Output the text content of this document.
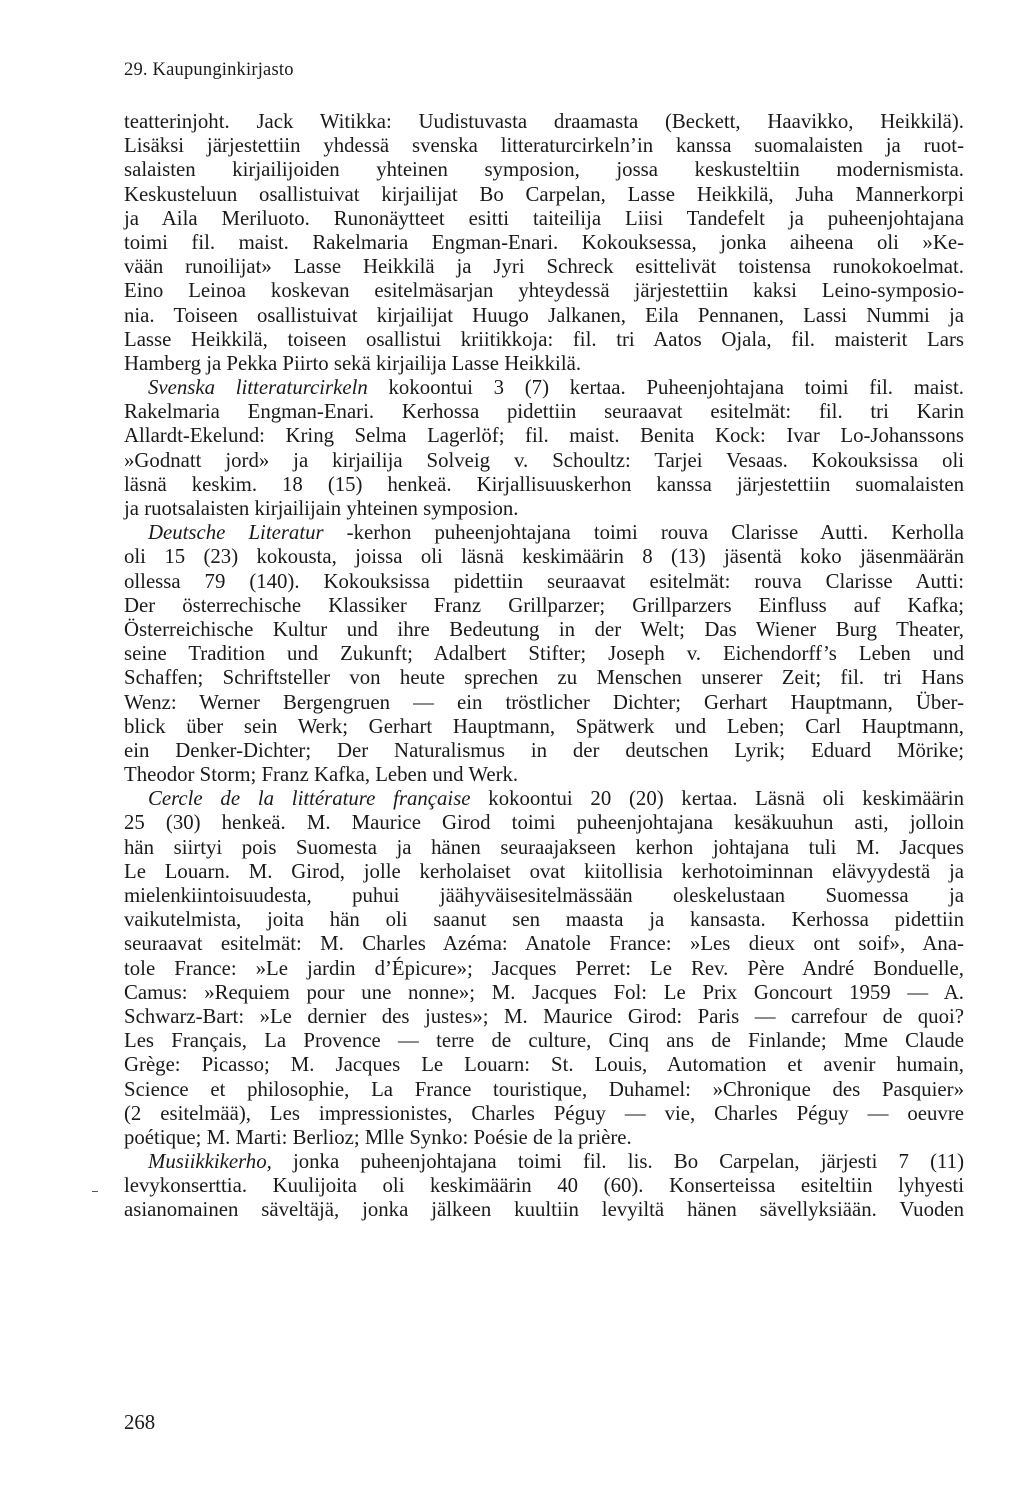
29. Kaupunginkirjasto
teatterinjoht. Jack Witikka: Uudistuvasta draamasta (Beckett, Haavikko, Heikkilä).
Lisäksi järjestettiin yhdessä svenska litteraturcirkeln’in kanssa suomalaisten ja ruot-
salaisten kirjailijoiden yhteinen symposion, jossa keskusteltiin modernismista.
Keskusteluun osallistuivat kirjailijat Bo Carpelan, Lasse Heikkilä, Juha Mannerkorpi
ja Aila Meriluoto. Runonäytteet esitti taiteilija Liisi Tandefelt ja puheenjohtajana
toimi fil. maist. Rakelmaria Engman-Enari. Kokouksessa, jonka aiheena oli »Ke-
vään runoilijat» Lasse Heikkilä ja Jyri Schreck esittelivät toistensa runokokoelmat.
Eino Leinoa koskevan esitelmäsarjan yhteydessä järjestettiin kaksi Leino-symposio-
nia. Toiseen osallistuivat kirjailijat Huugo Jalkanen, Eila Pennanen, Lassi Nummi ja
Lasse Heikkilä, toiseen osallistui kriitikkoja: fil. tri Aatos Ojala, fil. maisterit Lars
Hamberg ja Pekka Piirto sekä kirjailija Lasse Heikkilä.
Svenska litteraturcirkeln kokoontui 3 (7) kertaa. Puheenjohtajana toimi fil. maist.
Rakelmaria Engman-Enari. Kerhossa pidettiin seuraavat esitelmät: fil. tri Karin
Allardt-Ekelund: Kring Selma Lagerlöf; fil. maist. Benita Kock: Ivar Lo-Johanssons
»Godnatt jord» ja kirjailija Solveig v. Schoultz: Tarjei Vesaas. Kokouksissa oli
läsnä keskim. 18 (15) henkeä. Kirjallisuuskerhon kanssa järjestettiin suomalaisten
ja ruotsalaisten kirjailijain yhteinen symposion.
Deutsche Literatur -kerhon puheenjohtajana toimi rouva Clarisse Autti. Kerholla
oli 15 (23) kokousta, joissa oli läsnä keskimäärin 8 (13) jäsentä koko jäsenmäärän
ollessa 79 (140). Kokouksissa pidettiin seuraavat esitelmät: rouva Clarisse Autti:
Der österrechische Klassiker Franz Grillparzer; Grillparzers Einfluss auf Kafka;
Österreichische Kultur und ihre Bedeutung in der Welt; Das Wiener Burg Theater,
seine Tradition und Zukunft; Adalbert Stifter; Joseph v. Eichendorff’s Leben und
Schaffen; Schriftsteller von heute sprechen zu Menschen unserer Zeit; fil. tri Hans
Wenz: Werner Bergengruen — ein tröstlicher Dichter; Gerhart Hauptmann, Über-
blick über sein Werk; Gerhart Hauptmann, Spätwerk und Leben; Carl Hauptmann,
ein Denker-Dichter; Der Naturalismus in der deutschen Lyrik; Eduard Mörike;
Theodor Storm; Franz Kafka, Leben und Werk.
Cercle de la littérature française kokoontui 20 (20) kertaa. Läsnä oli keskimäärin
25 (30) henkeä. M. Maurice Girod toimi puheenjohtajana kesäkuuhun asti, jolloin
hän siirtyi pois Suomesta ja hänen seuraajakseen kerhon johtajana tuli M. Jacques
Le Louarn. M. Girod, jolle kerholaiset ovat kiitollisia kerhotoiminnan elävyydestä ja
mielenkiintoisuudesta, puhui jäähyväisesitelmässään oleskelustaan Suomessa ja
vaikutelmista, joita hän oli saanut sen maasta ja kansasta. Kerhossa pidettiin
seuraavat esitelmät: M. Charles Azéma: Anatole France: »Les dieux ont soif», Ana-
tole France: »Le jardin d’Épicure»; Jacques Perret: Le Rev. Père André Bonduelle,
Camus: »Requiem pour une nonne»; M. Jacques Fol: Le Prix Goncourt 1959 — A.
Schwarz-Bart: »Le dernier des justes»; M. Maurice Girod: Paris — carrefour de quoi?
Les Français, La Provence — terre de culture, Cinq ans de Finlande; Mme Claude
Grège: Picasso; M. Jacques Le Louarn: St. Louis, Automation et avenir humain,
Science et philosophie, La France touristique, Duhamel: »Chronique des Pasquier»
(2 esitelmää), Les impressionistes, Charles Péguy — vie, Charles Péguy — oeuvre
poétique; M. Marti: Berlioz; Mlle Synko: Poésie de la prière.
Musiikkikerho, jonka puheenjohtajana toimi fil. lis. Bo Carpelan, järjesti 7 (11)
levykonserttia. Kuulijoita oli keskimäärin 40 (60). Konserteissa esiteltiin lyhyesti
asianomainen säveltäjä, jonka jälkeen kuultiin levyiltä hänen sävellyksiään. Vuoden
268
